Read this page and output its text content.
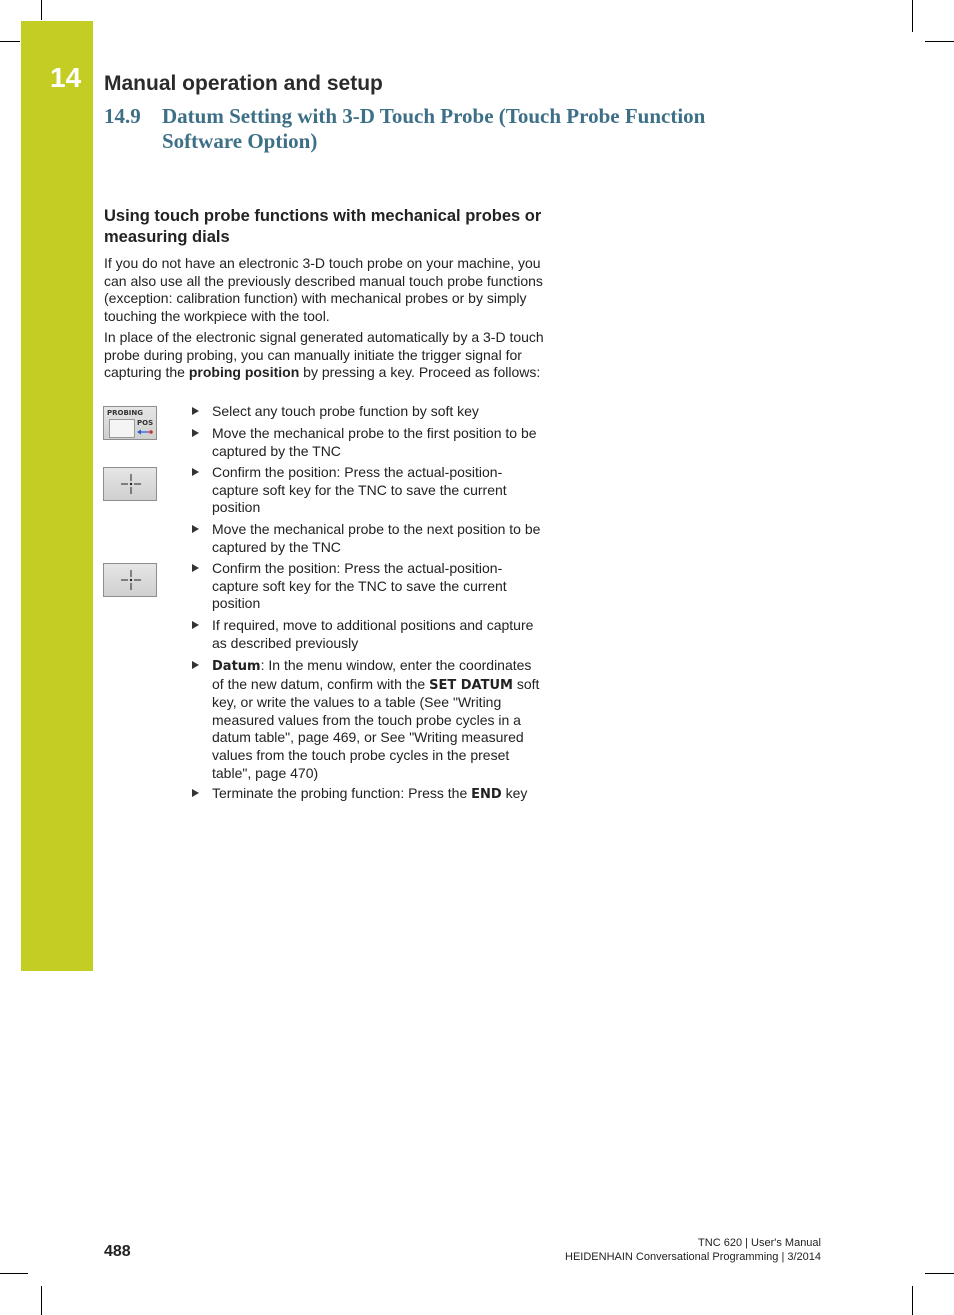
14 Manual operation and setup
14.9 Datum Setting with 3-D Touch Probe (Touch Probe Function Software Option)
Using touch probe functions with mechanical probes or measuring dials

If you do not have an electronic 3-D touch probe on your machine, you can also use all the previously described manual touch probe functions (exception: calibration function) with mechanical probes or by simply touching the workpiece with the tool.

In place of the electronic signal generated automatically by a 3-D touch probe during probing, you can manually initiate the trigger signal for capturing the probing position by pressing a key. Proceed as follows:

PROBING
POS
Select any touch probe function by soft key
Move the mechanical probe to the first position to be captured by the TNC
Confirm the position: Press the actual-position-capture soft key for the TNC to save the current position
Move the mechanical probe to the next position to be captured by the TNC
Confirm the position: Press the actual-position-capture soft key for the TNC to save the current position
If required, move to additional positions and capture as described previously
Datum: In the menu window, enter the coordinates of the new datum, confirm with the SET DATUM soft key, or write the values to a table (See "Writing measured values from the touch probe cycles in a datum table", page 469, or See "Writing measured values from the touch probe cycles in the preset table", page 470)
Terminate the probing function: Press the END key
488	TNC 620 | User's Manual
HEIDENHAIN Conversational Programming | 3/2014
